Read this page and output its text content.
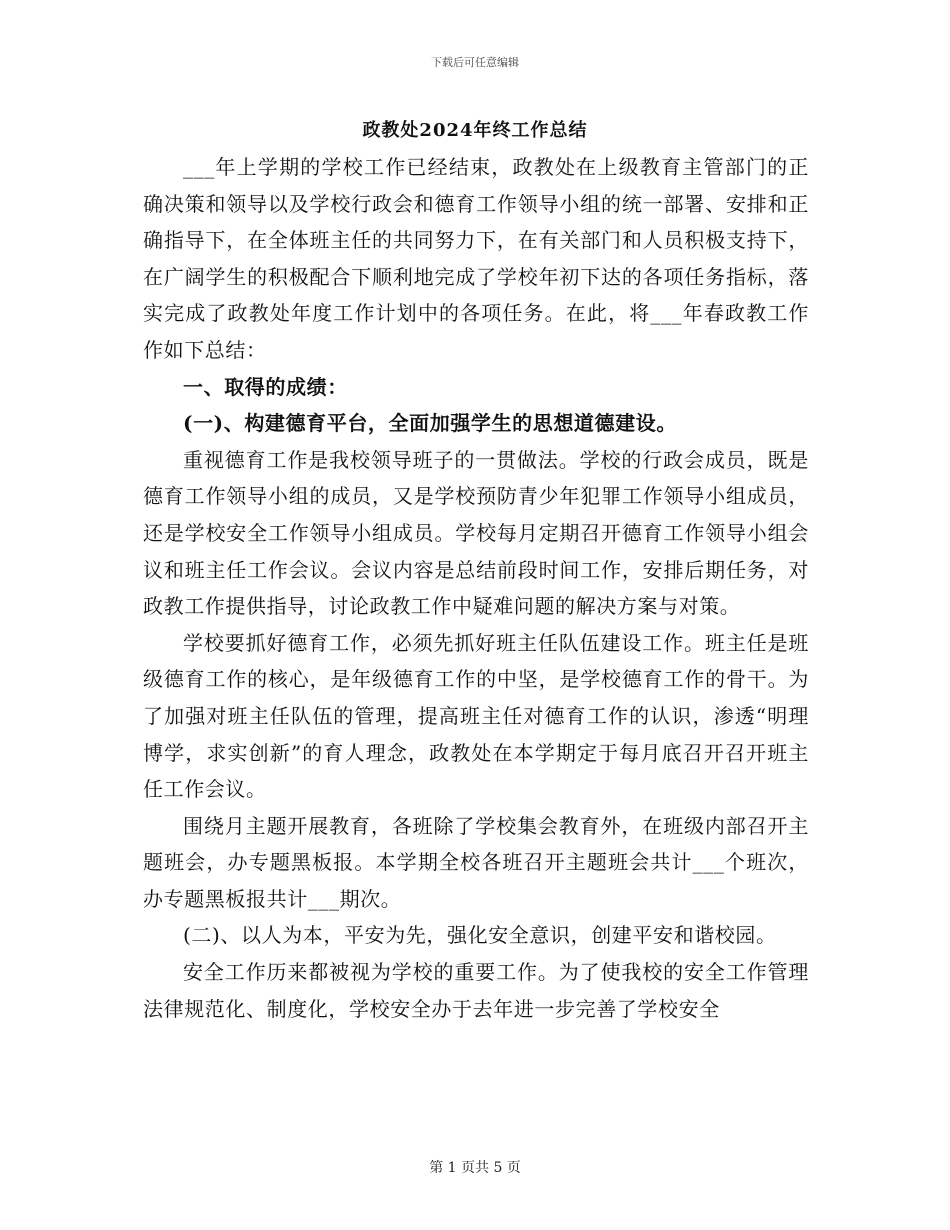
下载后可任意编辑
政教处2024年终工作总结

___年上学期的学校工作已经结束，政教处在上级教育主管部门的正确决策和领导以及学校行政会和德育工作领导小组的统一部署、安排和正确指导下，在全体班主任的共同努力下，在有关部门和人员积极支持下，在广阔学生的积极配合下顺利地完成了学校年初下达的各项任务指标，落实完成了政教处年度工作计划中的各项任务。在此，将___年春政教工作作如下总结：

一、取得的成绩：

(一)、构建德育平台，全面加强学生的思想道德建设。

重视德育工作是我校领导班子的一贯做法。学校的行政会成员，既是德育工作领导小组的成员，又是学校预防青少年犯罪工作领导小组成员，还是学校安全工作领导小组成员。学校每月定期召开德育工作领导小组会议和班主任工作会议。会议内容是总结前段时间工作，安排后期任务，对政教工作提供指导，讨论政教工作中疑难问题的解决方案与对策。

学校要抓好德育工作，必须先抓好班主任队伍建设工作。班主任是班级德育工作的核心，是年级德育工作的中坚，是学校德育工作的骨干。为了加强对班主任队伍的管理，提高班主任对德育工作的认识，渗透“明理博学，求实创新”的育人理念，政教处在本学期定于每月底召开召开班主任工作会议。

围绕月主题开展教育，各班除了学校集会教育外，在班级内部召开主题班会，办专题黑板报。本学期全校各班召开主题班会共计___个班次，办专题黑板报共计___期次。

(二)、以人为本，平安为先，强化安全意识，创建平安和谐校园。

安全工作历来都被视为学校的重要工作。为了使我校的安全工作管理法律规范化、制度化，学校安全办于去年进一步完善了学校安全

第 1 页共 5 页
